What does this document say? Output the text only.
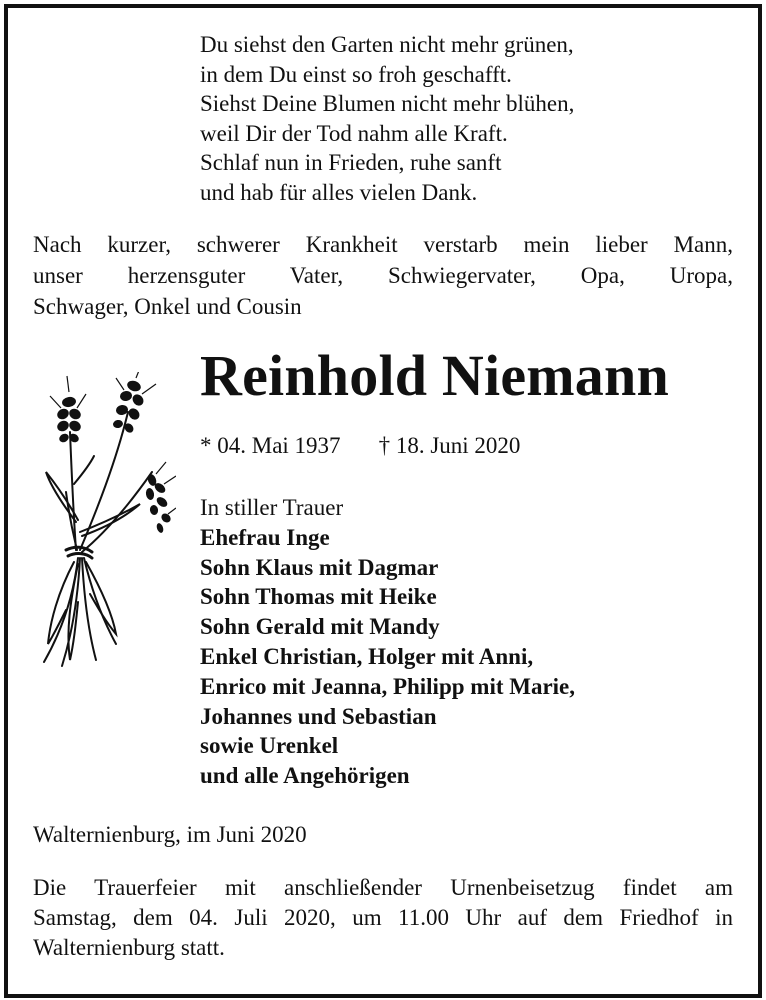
Du siehst den Garten nicht mehr grünen,
in dem Du einst so froh geschafft.
Siehst Deine Blumen nicht mehr blühen,
weil Dir der Tod nahm alle Kraft.
Schlaf nun in Frieden, ruhe sanft
und hab für alles vielen Dank.
Nach kurzer, schwerer Krankheit verstarb mein lieber Mann,
unser herzensguter Vater, Schwiegervater, Opa, Uropa,
Schwager, Onkel und Cousin
Reinhold Niemann
* 04. Mai 1937 † 18. Juni 2020
In stiller Trauer
Ehefrau Inge
Sohn Klaus mit Dagmar
Sohn Thomas mit Heike
Sohn Gerald mit Mandy
Enkel Christian, Holger mit Anni,
Enrico mit Jeanna, Philipp mit Marie,
Johannes und Sebastian
sowie Urenkel
und alle Angehörigen
Walternienburg, im Juni 2020
Die Trauerfeier mit anschließender Urnenbeisetzug findet am
Samstag, dem 04. Juli 2020, um 11.00 Uhr auf dem Friedhof in
Walternienburg statt.
